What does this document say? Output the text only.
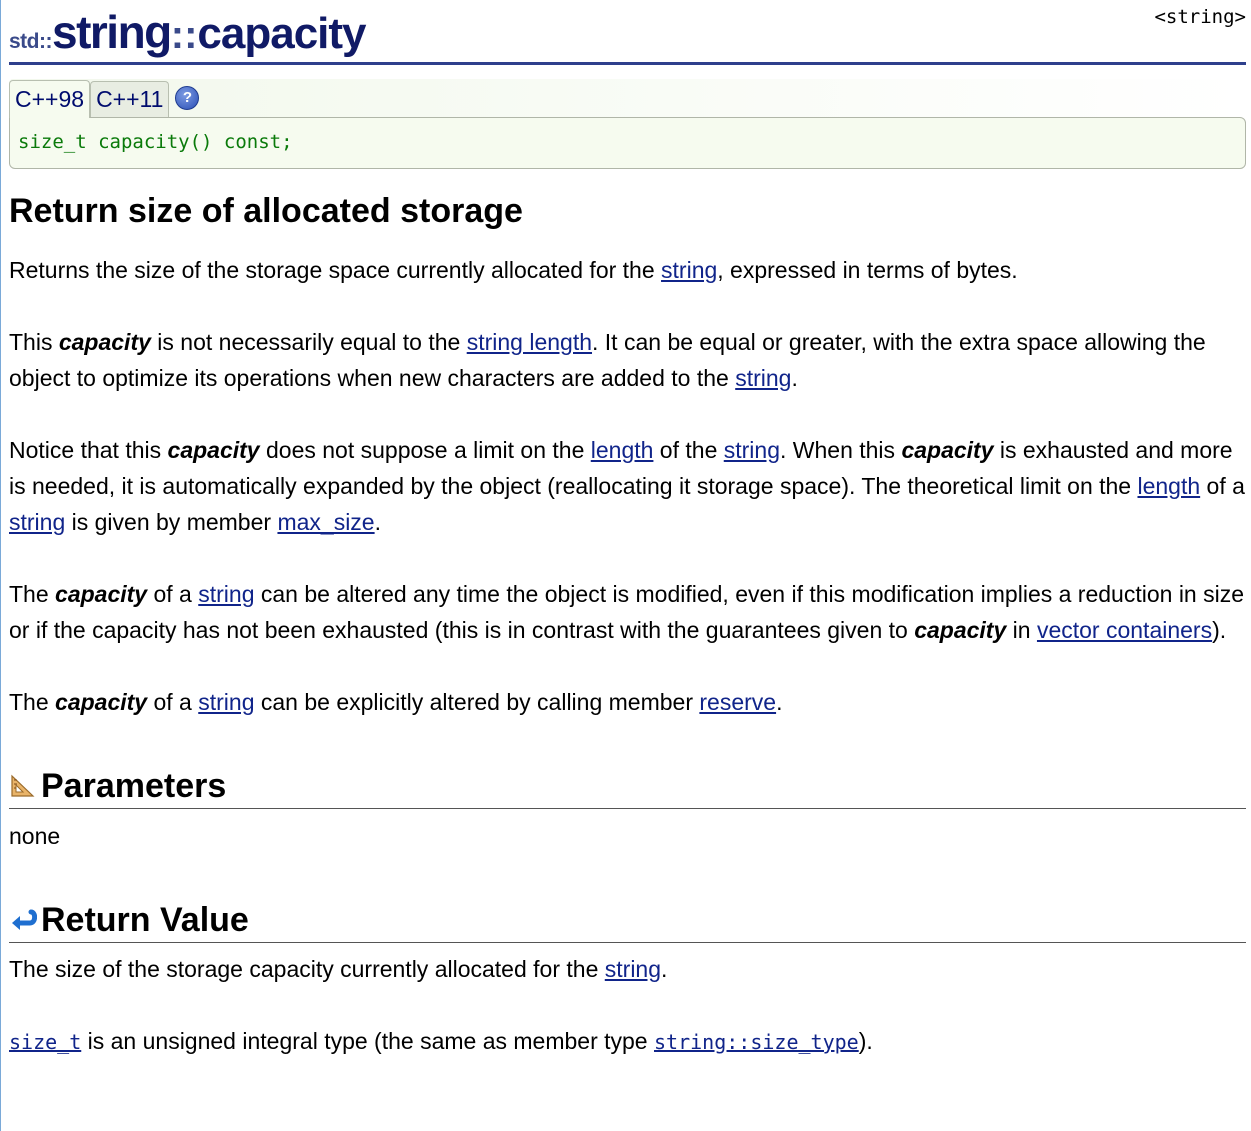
<string>
std::string::capacity
C++98 C++11	?
size_t capacity() const;
Return size of allocated storage

Returns the size of the storage space currently allocated for the string, expressed in terms of bytes.

This capacity is not necessarily equal to the string length. It can be equal or greater, with the extra space allowing the object to optimize its operations when new characters are added to the string.

Notice that this capacity does not suppose a limit on the length of the string. When this capacity is exhausted and more is needed, it is automatically expanded by the object (reallocating it storage space). The theoretical limit on the length of a string is given by member max_size.

The capacity of a string can be altered any time the object is modified, even if this modification implies a reduction in size or if the capacity has not been exhausted (this is in contrast with the guarantees given to capacity in vector containers).

The capacity of a string can be explicitly altered by calling member reserve.

Parameters

none

Return Value

The size of the storage capacity currently allocated for the string.

size_t is an unsigned integral type (the same as member type string::size_type).
